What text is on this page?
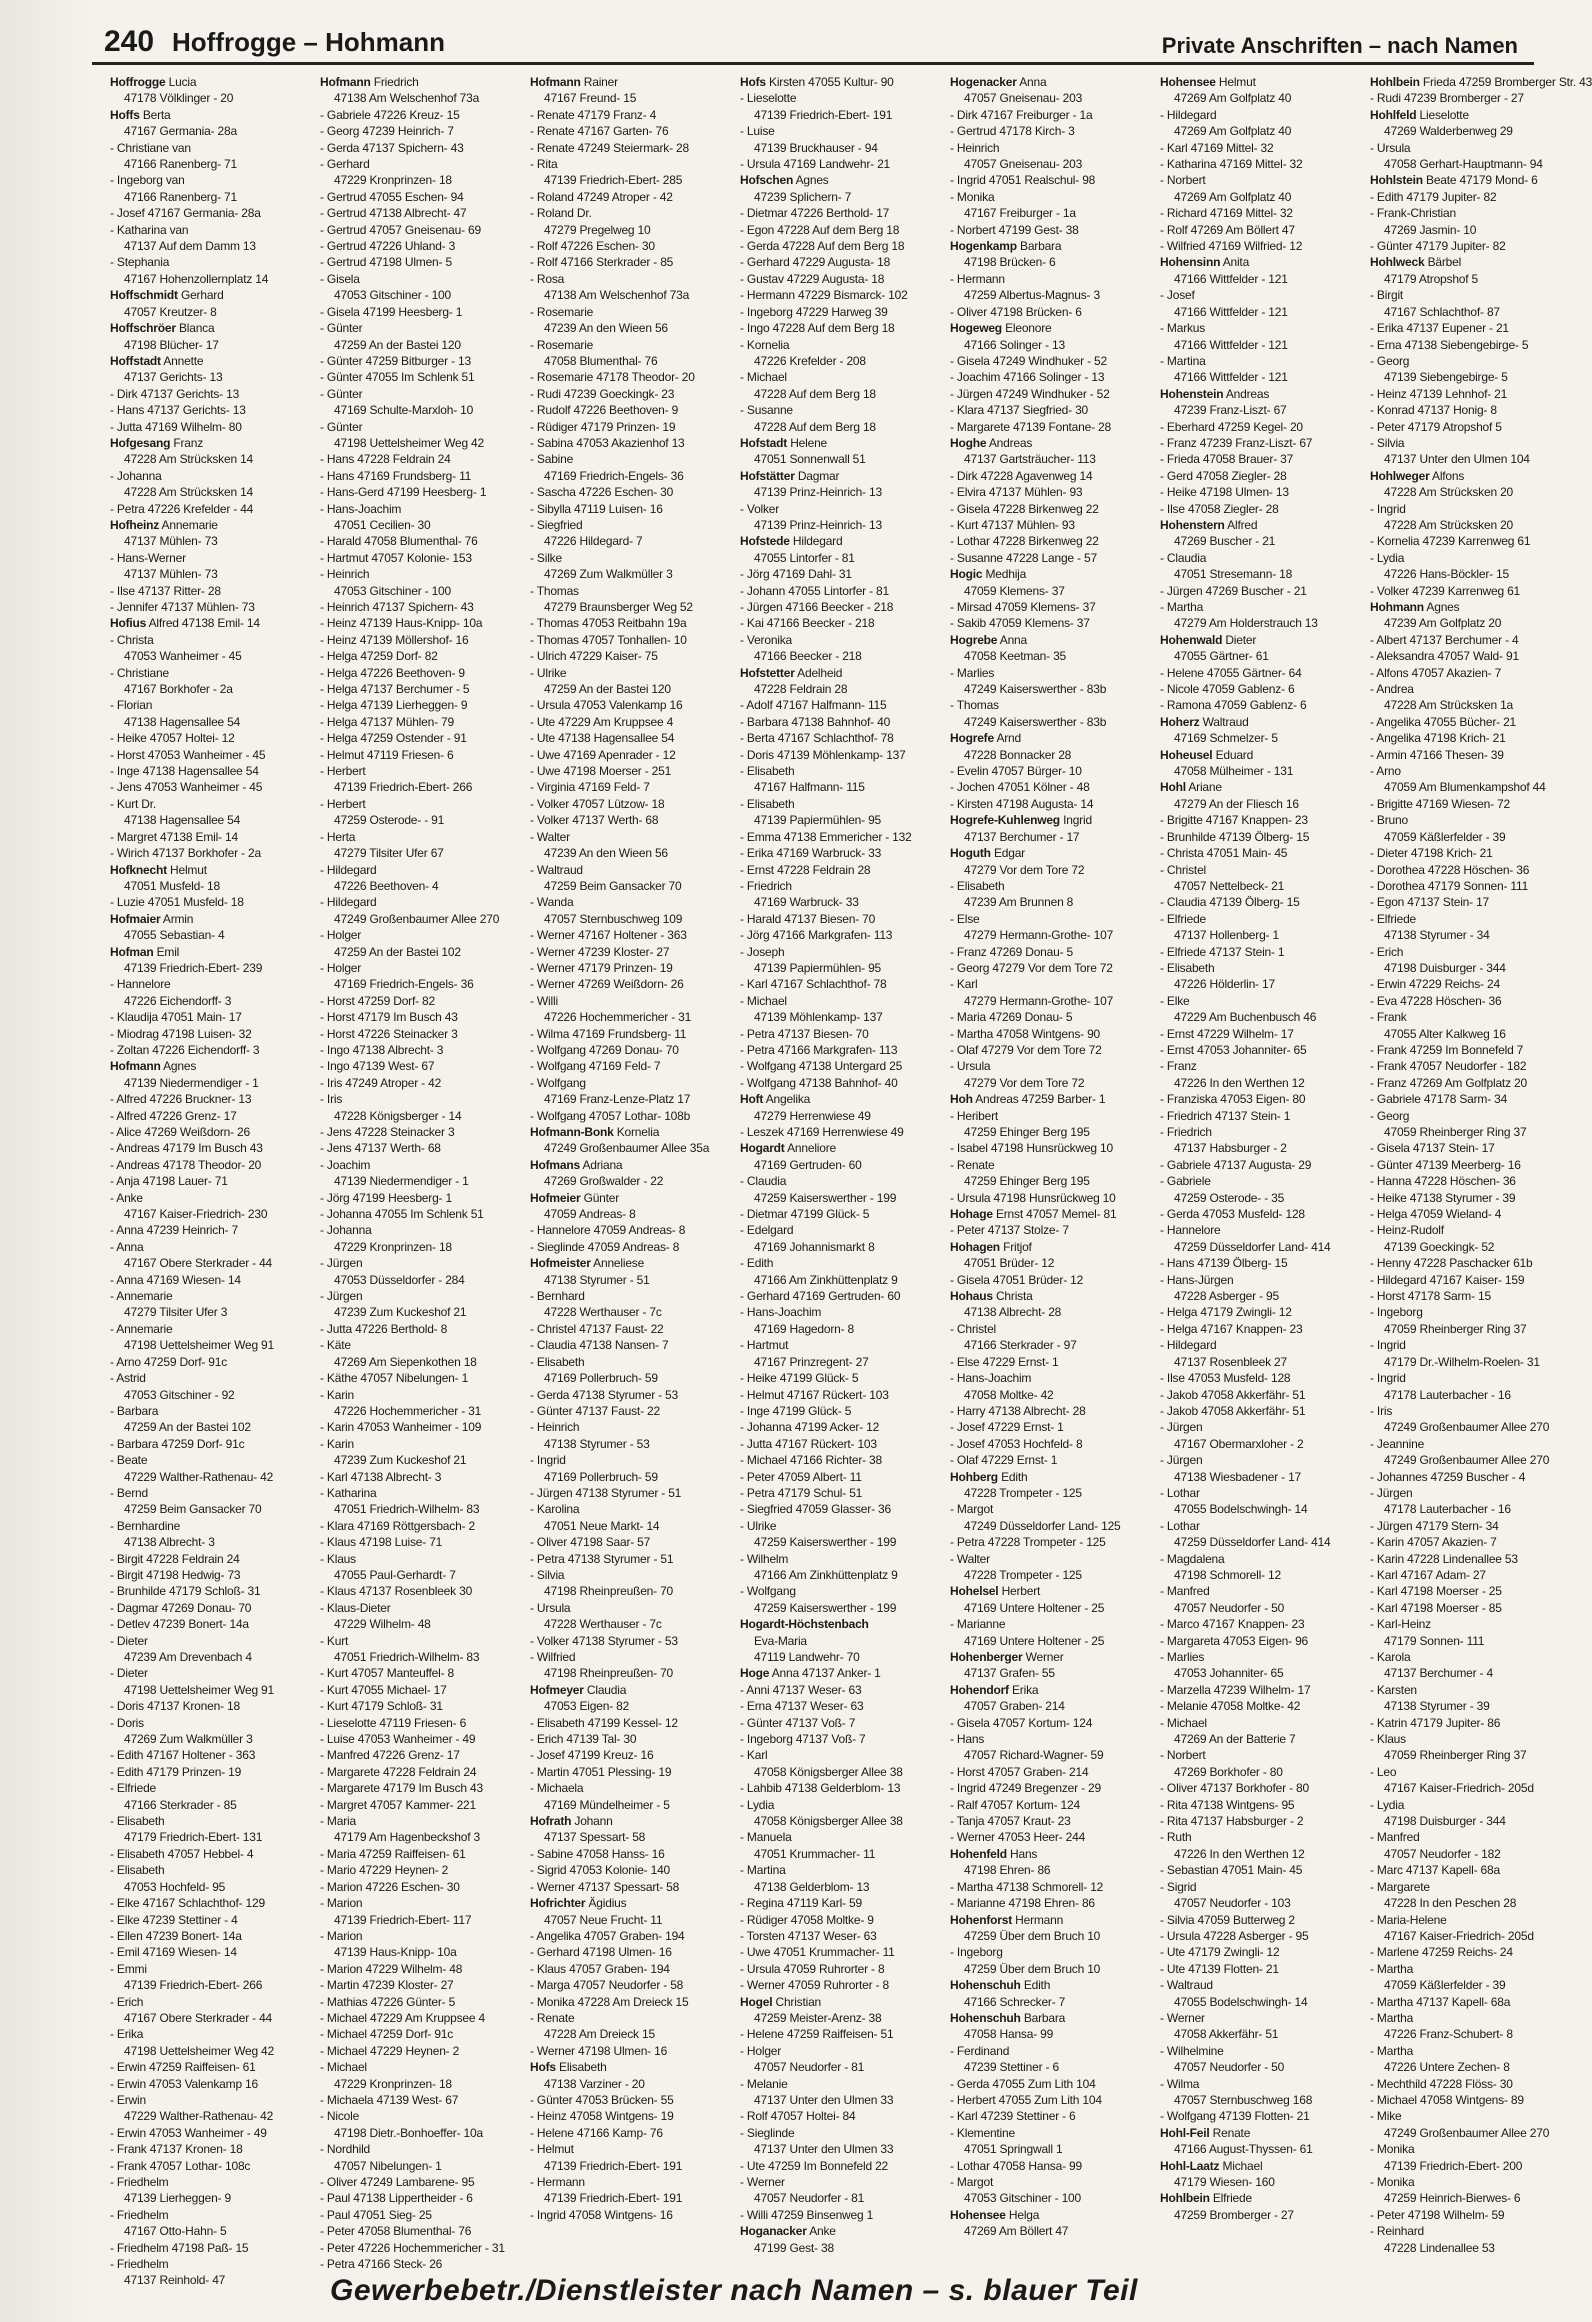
240 Hoffrogge – Hohmann	Private Anschriften – nach Namen
Hoffrogge Lucia
47178 Völklinger - 20
Hoffs Berta
47167 Germania- 28a
- Christiane van
47166 Ranenberg- 71
- Ingeborg van
47166 Ranenberg- 71
- Josef 47167 Germania- 28a
- Katharina van
47137 Auf dem Damm 13
- Stephania
47167 Hohenzollernplatz 14
Hoffschmidt Gerhard
47057 Kreutzer- 8
Hoffschröer Blanca
47198 Blücher- 17
Hoffstadt Annette
47137 Gerichts- 13
- Dirk 47137 Gerichts- 13
- Hans 47137 Gerichts- 13
- Jutta 47169 Wilhelm- 80
Hofgesang Franz
47228 Am Strücksken 14
- Johanna
47228 Am Strücksken 14
- Petra 47226 Krefelder - 44
Hofheinz Annemarie
47137 Mühlen- 73
- Hans-Werner
47137 Mühlen- 73
- Ilse 47137 Ritter- 28
- Jennifer 47137 Mühlen- 73
Hofius Alfred 47138 Emil- 14
- Christa
47053 Wanheimer - 45
- Christiane
47167 Borkhofer - 2a
- Florian
47138 Hagensallee 54
- Heike 47057 Holtei- 12
- Horst 47053 Wanheimer - 45
- Inge 47138 Hagensallee 54
- Jens 47053 Wanheimer - 45
- Kurt Dr.
47138 Hagensallee 54
- Margret 47138 Emil- 14
- Wirich 47137 Borkhofer - 2a
Hofknecht Helmut
47051 Musfeld- 18
- Luzie 47051 Musfeld- 18
Hofmaier Armin
47055 Sebastian- 4
Hofman Emil
47139 Friedrich-Ebert- 239
- Hannelore
47226 Eichendorff- 3
- Klaudija 47051 Main- 17
- Miodrag 47198 Luisen- 32
- Zoltan 47226 Eichendorff- 3
Hofmann Agnes
47139 Niedermendiger - 1
- Alfred 47226 Bruckner- 13
- Alfred 47226 Grenz- 17
- Alice 47269 Weißdorn- 26
- Andreas 47179 Im Busch 43
- Andreas 47178 Theodor- 20
- Anja 47198 Lauer- 71
- Anke
47167 Kaiser-Friedrich- 230
- Anna 47239 Heinrich- 7
- Anna
47167 Obere Sterkrader - 44
- Anna 47169 Wiesen- 14
- Annemarie
47279 Tilsiter Ufer 3
- Annemarie
47198 Uettelsheimer Weg 91
- Arno 47259 Dorf- 91c
- Astrid
47053 Gitschiner - 92
- Barbara
47259 An der Bastei 102
- Barbara 47259 Dorf- 91c
- Beate
47229 Walther-Rathenau- 42
- Bernd
47259 Beim Gansacker 70
- Bernhardine
47138 Albrecht- 3
- Birgit 47228 Feldrain 24
- Birgit 47198 Hedwig- 73
- Brunhilde 47179 Schloß- 31
- Dagmar 47269 Donau- 70
- Detlev 47239 Bonert- 14a
- Dieter
47239 Am Drevenbach 4
- Dieter
47198 Uettelsheimer Weg 91
- Doris 47137 Kronen- 18
- Doris
47269 Zum Walkmüller 3
- Edith 47167 Holtener - 363
- Edith 47179 Prinzen- 19
- Elfriede
47166 Sterkrader - 85
- Elisabeth
47179 Friedrich-Ebert- 131
- Elisabeth 47057 Hebbel- 4
- Elisabeth
47053 Hochfeld- 95
- Elke 47167 Schlachthof- 129
- Elke 47239 Stettiner - 4
- Ellen 47239 Bonert- 14a
- Emil 47169 Wiesen- 14
- Emmi
47139 Friedrich-Ebert- 266
- Erich
47167 Obere Sterkrader - 44
- Erika
47198 Uettelsheimer Weg 42
- Erwin 47259 Raiffeisen- 61
- Erwin 47053 Valenkamp 16
- Erwin
47229 Walther-Rathenau- 42
- Erwin 47053 Wanheimer - 49
- Frank 47137 Kronen- 18
- Frank 47057 Lothar- 108c
- Friedhelm
47139 Lierheggen- 9
- Friedhelm
47167 Otto-Hahn- 5
- Friedhelm 47198 Paß- 15
- Friedhelm
47137 Reinhold- 47
Hofmann Friedrich
47138 Am Welschenhof 73a
- Gabriele 47226 Kreuz- 15
- Georg 47239 Heinrich- 7
- Gerda 47137 Spichern- 43
- Gerhard
47229 Kronprinzen- 18
- Gertrud 47055 Eschen- 94
- Gertrud 47138 Albrecht- 47
- Gertrud 47057 Gneisenau- 69
- Gertrud 47226 Uhland- 3
- Gertrud 47198 Ulmen- 5
- Gisela
47053 Gitschiner - 100
- Gisela 47199 Heesberg- 1
- Günter
47259 An der Bastei 120
- Günter 47259 Bitburger - 13
- Günter 47055 Im Schlenk 51
- Günter
47169 Schulte-Marxloh- 10
- Günter
47198 Uettelsheimer Weg 42
- Hans 47228 Feldrain 24
- Hans 47169 Frundsberg- 11
- Hans-Gerd 47199 Heesberg- 1
- Hans-Joachim
47051 Cecilien- 30
- Harald 47058 Blumenthal- 76
- Hartmut 47057 Kolonie- 153
- Heinrich
47053 Gitschiner - 100
- Heinrich 47137 Spichern- 43
- Heinz 47139 Haus-Knipp- 10a
- Heinz 47139 Möllershof- 16
- Helga 47259 Dorf- 82
- Helga 47226 Beethoven- 9
- Helga 47137 Berchumer - 5
- Helga 47139 Lierheggen- 9
- Helga 47137 Mühlen- 79
- Helga 47259 Ostender - 91
- Helmut 47119 Friesen- 6
- Herbert
47139 Friedrich-Ebert- 266
- Herbert
47259 Osterode- - 91
- Herta
47279 Tilsiter Ufer 67
- Hildegard
47226 Beethoven- 4
- Hildegard
47249 Großenbaumer Allee 270
- Holger
47259 An der Bastei 102
- Holger
47169 Friedrich-Engels- 36
- Horst 47259 Dorf- 82
- Horst 47179 Im Busch 43
- Horst 47226 Steinacker 3
- Ingo 47138 Albrecht- 3
- Ingo 47139 West- 67
- Iris 47249 Atroper - 42
- Iris
47228 Königsberger - 14
- Jens 47228 Steinacker 3
- Jens 47137 Werth- 68
- Joachim
47139 Niedermendiger - 1
- Jörg 47199 Heesberg- 1
- Johanna 47055 Im Schlenk 51
- Johanna
47229 Kronprinzen- 18
- Jürgen
47053 Düsseldorfer - 284
- Jürgen
47239 Zum Kuckeshof 21
- Jutta 47226 Berthold- 8
- Käte
47269 Am Siepenkothen 18
- Käthe 47057 Nibelungen- 1
- Karin
47226 Hochemmericher - 31
- Karin 47053 Wanheimer - 109
- Karin
47239 Zum Kuckeshof 21
- Karl 47138 Albrecht- 3
- Katharina
47051 Friedrich-Wilhelm- 83
- Klara 47169 Röttgersbach- 2
- Klaus 47198 Luise- 71
- Klaus
47055 Paul-Gerhardt- 7
- Klaus 47137 Rosenbleek 30
- Klaus-Dieter
47229 Wilhelm- 48
- Kurt
47051 Friedrich-Wilhelm- 83
- Kurt 47057 Manteuffel- 8
- Kurt 47055 Michael- 17
- Kurt 47179 Schloß- 31
- Lieselotte 47119 Friesen- 6
- Luise 47053 Wanheimer - 49
- Manfred 47226 Grenz- 17
- Margarete 47228 Feldrain 24
- Margarete 47179 Im Busch 43
- Margret 47057 Kammer- 221
- Maria
47179 Am Hagenbeckshof 3
- Maria 47259 Raiffeisen- 61
- Mario 47229 Heynen- 2
- Marion 47226 Eschen- 30
- Marion
47139 Friedrich-Ebert- 117
- Marion
47139 Haus-Knipp- 10a
- Marion 47229 Wilhelm- 48
- Martin 47239 Kloster- 27
- Mathias 47226 Günter- 5
- Michael 47229 Am Kruppsee 4
- Michael 47259 Dorf- 91c
- Michael 47229 Heynen- 2
- Michael
47229 Kronprinzen- 18
- Michaela 47139 West- 67
- Nicole
47198 Dietr.-Bonhoeffer- 10a
- Nordhild
47057 Nibelungen- 1
- Oliver 47249 Lambarene- 95
- Paul 47138 Lippertheider - 6
- Paul 47051 Sieg- 25
- Peter 47058 Blumenthal- 76
- Peter 47226 Hochemmericher - 31
- Petra 47166 Steck- 26
Hofmann Rainer
47167 Freund- 15
- Renate 47179 Franz- 4
- Renate 47167 Garten- 76
- Renate 47249 Steiermark- 28
- Rita
47139 Friedrich-Ebert- 285
- Roland 47249 Atroper - 42
- Roland Dr.
47279 Pregelweg 10
- Rolf 47226 Eschen- 30
- Rolf 47166 Sterkrader - 85
- Rosa
47138 Am Welschenhof 73a
- Rosemarie
47239 An den Wieen 56
- Rosemarie
47058 Blumenthal- 76
- Rosemarie 47178 Theodor- 20
- Rudi 47239 Goeckingk- 23
- Rudolf 47226 Beethoven- 9
- Rüdiger 47179 Prinzen- 19
- Sabina 47053 Akazienhof 13
- Sabine
47169 Friedrich-Engels- 36
- Sascha 47226 Eschen- 30
- Sibylla 47119 Luisen- 16
- Siegfried
47226 Hildegard- 7
- Silke
47269 Zum Walkmüller 3
- Thomas
47279 Braunsberger Weg 52
- Thomas 47053 Reitbahn 19a
- Thomas 47057 Tonhallen- 10
- Ulrich 47229 Kaiser- 75
- Ulrike
47259 An der Bastei 120
- Ursula 47053 Valenkamp 16
- Ute 47229 Am Kruppsee 4
- Ute 47138 Hagensallee 54
- Uwe 47169 Apenrader - 12
- Uwe 47198 Moerser - 251
- Virginia 47169 Feld- 7
- Volker 47057 Lützow- 18
- Volker 47137 Werth- 68
- Walter
47239 An den Wieen 56
- Waltraud
47259 Beim Gansacker 70
- Wanda
47057 Sternbuschweg 109
- Werner 47167 Holtener - 363
- Werner 47239 Kloster- 27
- Werner 47179 Prinzen- 19
- Werner 47269 Weißdorn- 26
- Willi
47226 Hochemmericher - 31
- Wilma 47169 Frundsberg- 11
- Wolfgang 47269 Donau- 70
- Wolfgang 47169 Feld- 7
- Wolfgang
47169 Franz-Lenze-Platz 17
- Wolfgang 47057 Lothar- 108b
Hofmann-Bonk Kornelia
47249 Großenbaumer Allee 35a
Hofmans Adriana
47269 Großwalder - 22
Hofmeier Günter
47059 Andreas- 8
- Hannelore 47059 Andreas- 8
- Sieglinde 47059 Andreas- 8
Hofmeister Anneliese
47138 Styrumer - 51
- Bernhard
47228 Werthauser - 7c
- Christel 47137 Faust- 22
- Claudia 47138 Nansen- 7
- Elisabeth
47169 Pollerbruch- 59
- Gerda 47138 Styrumer - 53
- Günter 47137 Faust- 22
- Heinrich
47138 Styrumer - 53
- Ingrid
47169 Pollerbruch- 59
- Jürgen 47138 Styrumer - 51
- Karolina
47051 Neue Markt- 14
- Oliver 47198 Saar- 57
- Petra 47138 Styrumer - 51
- Silvia
47198 Rheinpreußen- 70
- Ursula
47228 Werthauser - 7c
- Volker 47138 Styrumer - 53
- Wilfried
47198 Rheinpreußen- 70
Hofmeyer Claudia
47053 Eigen- 82
- Elisabeth 47199 Kessel- 12
- Erich 47139 Tal- 30
- Josef 47199 Kreuz- 16
- Martin 47051 Plessing- 19
- Michaela
47169 Mündelheimer - 5
Hofrath Johann
47137 Spessart- 58
- Sabine 47058 Hanss- 16
- Sigrid 47053 Kolonie- 140
- Werner 47137 Spessart- 58
Hofrichter Ägidius
47057 Neue Frucht- 11
- Angelika 47057 Graben- 194
- Gerhard 47198 Ulmen- 16
- Klaus 47057 Graben- 194
- Marga 47057 Neudorfer - 58
- Monika 47228 Am Dreieck 15
- Renate
47228 Am Dreieck 15
- Werner 47198 Ulmen- 16
Hofs Elisabeth
47138 Varziner - 20
- Günter 47053 Brücken- 55
- Heinz 47058 Wintgens- 19
- Helene 47166 Kamp- 76
- Helmut
47139 Friedrich-Ebert- 191
- Hermann
47139 Friedrich-Ebert- 191
- Ingrid 47058 Wintgens- 16
Hofs Kirsten 47055 Kultur- 90
- Lieselotte
47139 Friedrich-Ebert- 191
- Luise
47139 Bruckhauser - 94
- Ursula 47169 Landwehr- 21
Hofschen Agnes
47239 Splichern- 7
- Dietmar 47226 Berthold- 17
- Egon 47228 Auf dem Berg 18
- Gerda 47228 Auf dem Berg 18
- Gerhard 47229 Augusta- 18
- Gustav 47229 Augusta- 18
- Hermann 47229 Bismarck- 102
- Ingeborg 47229 Harweg 39
- Ingo 47228 Auf dem Berg 18
- Kornelia
47226 Krefelder - 208
- Michael
47228 Auf dem Berg 18
- Susanne
47228 Auf dem Berg 18
Hofstadt Helene
47051 Sonnenwall 51
Hofstätter Dagmar
47139 Prinz-Heinrich- 13
- Volker
47139 Prinz-Heinrich- 13
Hofstede Hildegard
47055 Lintorfer - 81
- Jörg 47169 Dahl- 31
- Johann 47055 Lintorfer - 81
- Jürgen 47166 Beecker - 218
- Kai 47166 Beecker - 218
- Veronika
47166 Beecker - 218
Hofstetter Adelheid
47228 Feldrain 28
- Adolf 47167 Halfmann- 115
- Barbara 47138 Bahnhof- 40
- Berta 47167 Schlachthof- 78
- Doris 47139 Möhlenkamp- 137
- Elisabeth
47167 Halfmann- 115
- Elisabeth
47139 Papiermühlen- 95
- Emma 47138 Emmericher - 132
- Erika 47169 Warbruck- 33
- Ernst 47228 Feldrain 28
- Friedrich
47169 Warbruck- 33
- Harald 47137 Biesen- 70
- Jörg 47166 Markgrafen- 113
- Joseph
47139 Papiermühlen- 95
- Karl 47167 Schlachthof- 78
- Michael
47139 Möhlenkamp- 137
- Petra 47137 Biesen- 70
- Petra 47166 Markgrafen- 113
- Wolfgang 47138 Untergard 25
- Wolfgang 47138 Bahnhof- 40
Hoft Angelika
47279 Herrenwiese 49
- Leszek 47169 Herrenwiese 49
Hogardt Anneliore
47169 Gertruden- 60
- Claudia
47259 Kaiserswerther - 199
- Dietmar 47199 Glück- 5
- Edelgard
47169 Johannismarkt 8
- Edith
47166 Am Zinkhüttenplatz 9
- Gerhard 47169 Gertruden- 60
- Hans-Joachim
47169 Hagedorn- 8
- Hartmut
47167 Prinzregent- 27
- Heike 47199 Glück- 5
- Helmut 47167 Rückert- 103
- Inge 47199 Glück- 5
- Johanna 47199 Acker- 12
- Jutta 47167 Rückert- 103
- Michael 47166 Richter- 38
- Peter 47059 Albert- 11
- Petra 47179 Schul- 51
- Siegfried 47059 Glasser- 36
- Ulrike
47259 Kaiserswerther - 199
- Wilhelm
47166 Am Zinkhüttenplatz 9
- Wolfgang
47259 Kaiserswerther - 199
Hogardt-Höchstenbach
Eva-Maria
47119 Landwehr- 70
Hoge Anna 47137 Anker- 1
- Anni 47137 Weser- 63
- Erna 47137 Weser- 63
- Günter 47137 Voß- 7
- Ingeborg 47137 Voß- 7
- Karl
47058 Königsberger Allee 38
- Lahbib 47138 Gelderblom- 13
- Lydia
47058 Königsberger Allee 38
- Manuela
47051 Krummacher- 11
- Martina
47138 Gelderblom- 13
- Regina 47119 Karl- 59
- Rüdiger 47058 Moltke- 9
- Torsten 47137 Weser- 63
- Uwe 47051 Krummacher- 11
- Ursula 47059 Ruhrorter - 8
- Werner 47059 Ruhrorter - 8
Hogel Christian
47259 Meister-Arenz- 38
- Helene 47259 Raiffeisen- 51
- Holger
47057 Neudorfer - 81
- Melanie
47137 Unter den Ulmen 33
- Rolf 47057 Holtei- 84
- Sieglinde
47137 Unter den Ulmen 33
- Ute 47259 Im Bonnefeld 22
- Werner
47057 Neudorfer - 81
- Willi 47259 Binsenweg 1
Hoganacker Anke
47199 Gest- 38
Hogenacker Anna
47057 Gneisenau- 203
- Dirk 47167 Freiburger - 1a
- Gertrud 47178 Kirch- 3
- Heinrich
47057 Gneisenau- 203
- Ingrid 47051 Realschul- 98
- Monika
47167 Freiburger - 1a
- Norbert 47199 Gest- 38
Hogenkamp Barbara
47198 Brücken- 6
- Hermann
47259 Albertus-Magnus- 3
- Oliver 47198 Brücken- 6
Hogeweg Eleonore
47166 Solinger - 13
- Gisela 47249 Windhuker - 52
- Joachim 47166 Solinger - 13
- Jürgen 47249 Windhuker - 52
- Klara 47137 Siegfried- 30
- Margarete 47139 Fontane- 28
Hoghe Andreas
47137 Gartsträucher- 113
- Dirk 47228 Agavenweg 14
- Elvira 47137 Mühlen- 93
- Gisela 47228 Birkenweg 22
- Kurt 47137 Mühlen- 93
- Lothar 47228 Birkenweg 22
- Susanne 47228 Lange - 57
Hogic Medhija
47059 Klemens- 37
- Mirsad 47059 Klemens- 37
- Sakib 47059 Klemens- 37
Hogrebe Anna
47058 Keetman- 35
- Marlies
47249 Kaiserswerther - 83b
- Thomas
47249 Kaiserswerther - 83b
Hogrefe Arnd
47228 Bonnacker 28
- Evelin 47057 Bürger- 10
- Jochen 47051 Kölner - 48
- Kirsten 47198 Augusta- 14
Hogrefe-Kuhlenweg Ingrid
47137 Berchumer - 17
Hoguth Edgar
47279 Vor dem Tore 72
- Elisabeth
47239 Am Brunnen 8
- Else
47279 Hermann-Grothe- 107
- Franz 47269 Donau- 5
- Georg 47279 Vor dem Tore 72
- Karl
47279 Hermann-Grothe- 107
- Maria 47269 Donau- 5
- Martha 47058 Wintgens- 90
- Olaf 47279 Vor dem Tore 72
- Ursula
47279 Vor dem Tore 72
Hoh Andreas 47259 Barber- 1
- Heribert
47259 Ehinger Berg 195
- Isabel 47198 Hunsrückweg 10
- Renate
47259 Ehinger Berg 195
- Ursula 47198 Hunsrückweg 10
Hohage Ernst 47057 Memel- 81
- Peter 47137 Stolze- 7
Hohagen Fritjof
47051 Brüder- 12
- Gisela 47051 Brüder- 12
Hohaus Christa
47138 Albrecht- 28
- Christel
47166 Sterkrader - 97
- Else 47229 Ernst- 1
- Hans-Joachim
47058 Moltke- 42
- Harry 47138 Albrecht- 28
- Josef 47229 Ernst- 1
- Josef 47053 Hochfeld- 8
- Olaf 47229 Ernst- 1
Hohberg Edith
47228 Trompeter - 125
- Margot
47249 Düsseldorfer Land- 125
- Petra 47228 Trompeter - 125
- Walter
47228 Trompeter - 125
Hohelsel Herbert
47169 Untere Holtener - 25
- Marianne
47169 Untere Holtener - 25
Hohenberger Werner
47137 Grafen- 55
Hohendorf Erika
47057 Graben- 214
- Gisela 47057 Kortum- 124
- Hans
47057 Richard-Wagner- 59
- Horst 47057 Graben- 214
- Ingrid 47249 Bregenzer - 29
- Ralf 47057 Kortum- 124
- Tanja 47057 Kraut- 23
- Werner 47053 Heer- 244
Hohenfeld Hans
47198 Ehren- 86
- Martha 47138 Schmorell- 12
- Marianne 47198 Ehren- 86
Hohenforst Hermann
47259 Über dem Bruch 10
- Ingeborg
47259 Über dem Bruch 10
Hohenschuh Edith
47166 Schrecker- 7
Hohenschuh Barbara
47058 Hansa- 99
- Ferdinand
47239 Stettiner - 6
- Gerda 47055 Zum Lith 104
- Herbert 47055 Zum Lith 104
- Karl 47239 Stettiner - 6
- Klementine
47051 Springwall 1
- Lothar 47058 Hansa- 99
- Margot
47053 Gitschiner - 100
Hohensee Helga
47269 Am Böllert 47
Hohensee Helmut
47269 Am Golfplatz 40
- Hildegard
47269 Am Golfplatz 40
- Karl 47169 Mittel- 32
- Katharina 47169 Mittel- 32
- Norbert
47269 Am Golfplatz 40
- Richard 47169 Mittel- 32
- Rolf 47269 Am Böllert 47
- Wilfried 47169 Wilfried- 12
Hohensinn Anita
47166 Wittfelder - 121
- Josef
47166 Wittfelder - 121
- Markus
47166 Wittfelder - 121
- Martina
47166 Wittfelder - 121
Hohenstein Andreas
47239 Franz-Liszt- 67
- Eberhard 47259 Kegel- 20
- Franz 47239 Franz-Liszt- 67
- Frieda 47058 Brauer- 37
- Gerd 47058 Ziegler- 28
- Heike 47198 Ulmen- 13
- Ilse 47058 Ziegler- 28
Hohenstern Alfred
47269 Buscher - 21
- Claudia
47051 Stresemann- 18
- Jürgen 47269 Buscher - 21
- Martha
47279 Am Holderstrauch 13
Hohenwald Dieter
47055 Gärtner- 61
- Helene 47055 Gärtner- 64
- Nicole 47059 Gablenz- 6
- Ramona 47059 Gablenz- 6
Hoherz Waltraud
47169 Schmelzer- 5
Hoheusel Eduard
47058 Mülheimer - 131
Hohl Ariane
47279 An der Fliesch 16
- Brigitte 47167 Knappen- 23
- Brunhilde 47139 Ölberg- 15
- Christa 47051 Main- 45
- Christel
47057 Nettelbeck- 21
- Claudia 47139 Ölberg- 15
- Elfriede
47137 Hollenberg- 1
- Elfriede 47137 Stein- 1
- Elisabeth
47226 Hölderlin- 17
- Elke
47229 Am Buchenbusch 46
- Ernst 47229 Wilhelm- 17
- Ernst 47053 Johanniter- 65
- Franz
47226 In den Werthen 12
- Franziska 47053 Eigen- 80
- Friedrich 47137 Stein- 1
- Friedrich
47137 Habsburger - 2
- Gabriele 47137 Augusta- 29
- Gabriele
47259 Osterode- - 35
- Gerda 47053 Musfeld- 128
- Hannelore
47259 Düsseldorfer Land- 414
- Hans 47139 Ölberg- 15
- Hans-Jürgen
47228 Asberger - 95
- Helga 47179 Zwingli- 12
- Helga 47167 Knappen- 23
- Hildegard
47137 Rosenbleek 27
- Ilse 47053 Musfeld- 128
- Jakob 47058 Akkerfähr- 51
- Jakob 47058 Akkerfähr- 51
- Jürgen
47167 Obermarxloher - 2
- Jürgen
47138 Wiesbadener - 17
- Lothar
47055 Bodelschwingh- 14
- Lothar
47259 Düsseldorfer Land- 414
- Magdalena
47198 Schmorell- 12
- Manfred
47057 Neudorfer - 50
- Marco 47167 Knappen- 23
- Margareta 47053 Eigen- 96
- Marlies
47053 Johanniter- 65
- Marzella 47239 Wilhelm- 17
- Melanie 47058 Moltke- 42
- Michael
47269 An der Batterie 7
- Norbert
47269 Borkhofer - 80
- Oliver 47137 Borkhofer - 80
- Rita 47138 Wintgens- 95
- Rita 47137 Habsburger - 2
- Ruth
47226 In den Werthen 12
- Sebastian 47051 Main- 45
- Sigrid
47057 Neudorfer - 103
- Silvia 47059 Butterweg 2
- Ursula 47228 Asberger - 95
- Ute 47179 Zwingli- 12
- Ute 47139 Flotten- 21
- Waltraud
47055 Bodelschwingh- 14
- Werner
47058 Akkerfähr- 51
- Wilhelmine
47057 Neudorfer - 50
- Wilma
47057 Sternbuschweg 168
- Wolfgang 47139 Flotten- 21
Hohl-Feil Renate
47166 August-Thyssen- 61
Hohl-Laatz Michael
47179 Wiesen- 160
Hohlbein Elfriede
47259 Bromberger - 27
Hohlbein Frieda 47259 Bromberger Str. 43
- Rudi 47239 Bromberger - 27
Hohlfeld Lieselotte
47269 Walderbenweg 29
- Ursula
47058 Gerhart-Hauptmann- 94
Hohlstein Beate 47179 Mond- 6
- Edith 47179 Jupiter- 82
- Frank-Christian
47269 Jasmin- 10
- Günter 47179 Jupiter- 82
Hohlweck Bärbel
47179 Atropshof 5
- Birgit
47167 Schlachthof- 87
- Erika 47137 Eupener - 21
- Erna 47138 Siebengebirge- 5
- Georg
47139 Siebengebirge- 5
- Heinz 47139 Lehnhof- 21
- Konrad 47137 Honig- 8
- Peter 47179 Atropshof 5
- Silvia
47137 Unter den Ulmen 104
Hohlweger Alfons
47228 Am Strücksken 20
- Ingrid
47228 Am Strücksken 20
- Kornelia 47239 Karrenweg 61
- Lydia
47226 Hans-Böckler- 15
- Volker 47239 Karrenweg 61
Hohmann Agnes
47239 Am Golfplatz 20
- Albert 47137 Berchumer - 4
- Aleksandra 47057 Wald- 91
- Alfons 47057 Akazien- 7
- Andrea
47228 Am Strücksken 1a
- Angelika 47055 Bücher- 21
- Angelika 47198 Krich- 21
- Armin 47166 Thesen- 39
- Arno
47059 Am Blumenkampshof 44
- Brigitte 47169 Wiesen- 72
- Bruno
47059 Käßlerfelder - 39
- Dieter 47198 Krich- 21
- Dorothea 47228 Höschen- 36
- Dorothea 47179 Sonnen- 111
- Egon 47137 Stein- 17
- Elfriede
47138 Styrumer - 34
- Erich
47198 Duisburger - 344
- Erwin 47229 Reichs- 24
- Eva 47228 Höschen- 36
- Frank
47055 Alter Kalkweg 16
- Frank 47259 Im Bonnefeld 7
- Frank 47057 Neudorfer - 182
- Franz 47269 Am Golfplatz 20
- Gabriele 47178 Sarm- 34
- Georg
47059 Rheinberger Ring 37
- Gisela 47137 Stein- 17
- Günter 47139 Meerberg- 16
- Hanna 47228 Höschen- 36
- Heike 47138 Styrumer - 39
- Helga 47059 Wieland- 4
- Heinz-Rudolf
47139 Goeckingk- 52
- Henny 47228 Paschacker 61b
- Hildegard 47167 Kaiser- 159
- Horst 47178 Sarm- 15
- Ingeborg
47059 Rheinberger Ring 37
- Ingrid
47179 Dr.-Wilhelm-Roelen- 31
- Ingrid
47178 Lauterbacher - 16
- Iris
47249 Großenbaumer Allee 270
- Jeannine
47249 Großenbaumer Allee 270
- Johannes 47259 Buscher - 4
- Jürgen
47178 Lauterbacher - 16
- Jürgen 47179 Stern- 34
- Karin 47057 Akazien- 7
- Karin 47228 Lindenallee 53
- Karl 47167 Adam- 27
- Karl 47198 Moerser - 25
- Karl 47198 Moerser - 85
- Karl-Heinz
47179 Sonnen- 111
- Karola
47137 Berchumer - 4
- Karsten
47138 Styrumer - 39
- Katrin 47179 Jupiter- 86
- Klaus
47059 Rheinberger Ring 37
- Leo
47167 Kaiser-Friedrich- 205d
- Lydia
47198 Duisburger - 344
- Manfred
47057 Neudorfer - 182
- Marc 47137 Kapell- 68a
- Margarete
47228 In den Peschen 28
- Maria-Helene
47167 Kaiser-Friedrich- 205d
- Marlene 47259 Reichs- 24
- Martha
47059 Käßlerfelder - 39
- Martha 47137 Kapell- 68a
- Martha
47226 Franz-Schubert- 8
- Martha
47226 Untere Zechen- 8
- Mechthild 47228 Flöss- 30
- Michael 47058 Wintgens- 89
- Mike
47249 Großenbaumer Allee 270
- Monika
47139 Friedrich-Ebert- 200
- Monika
47259 Heinrich-Bierwes- 6
- Peter 47198 Wilhelm- 59
- Reinhard
47228 Lindenallee 53
Gewerbebetr./Dienstleister nach Namen – s. blauer Teil
